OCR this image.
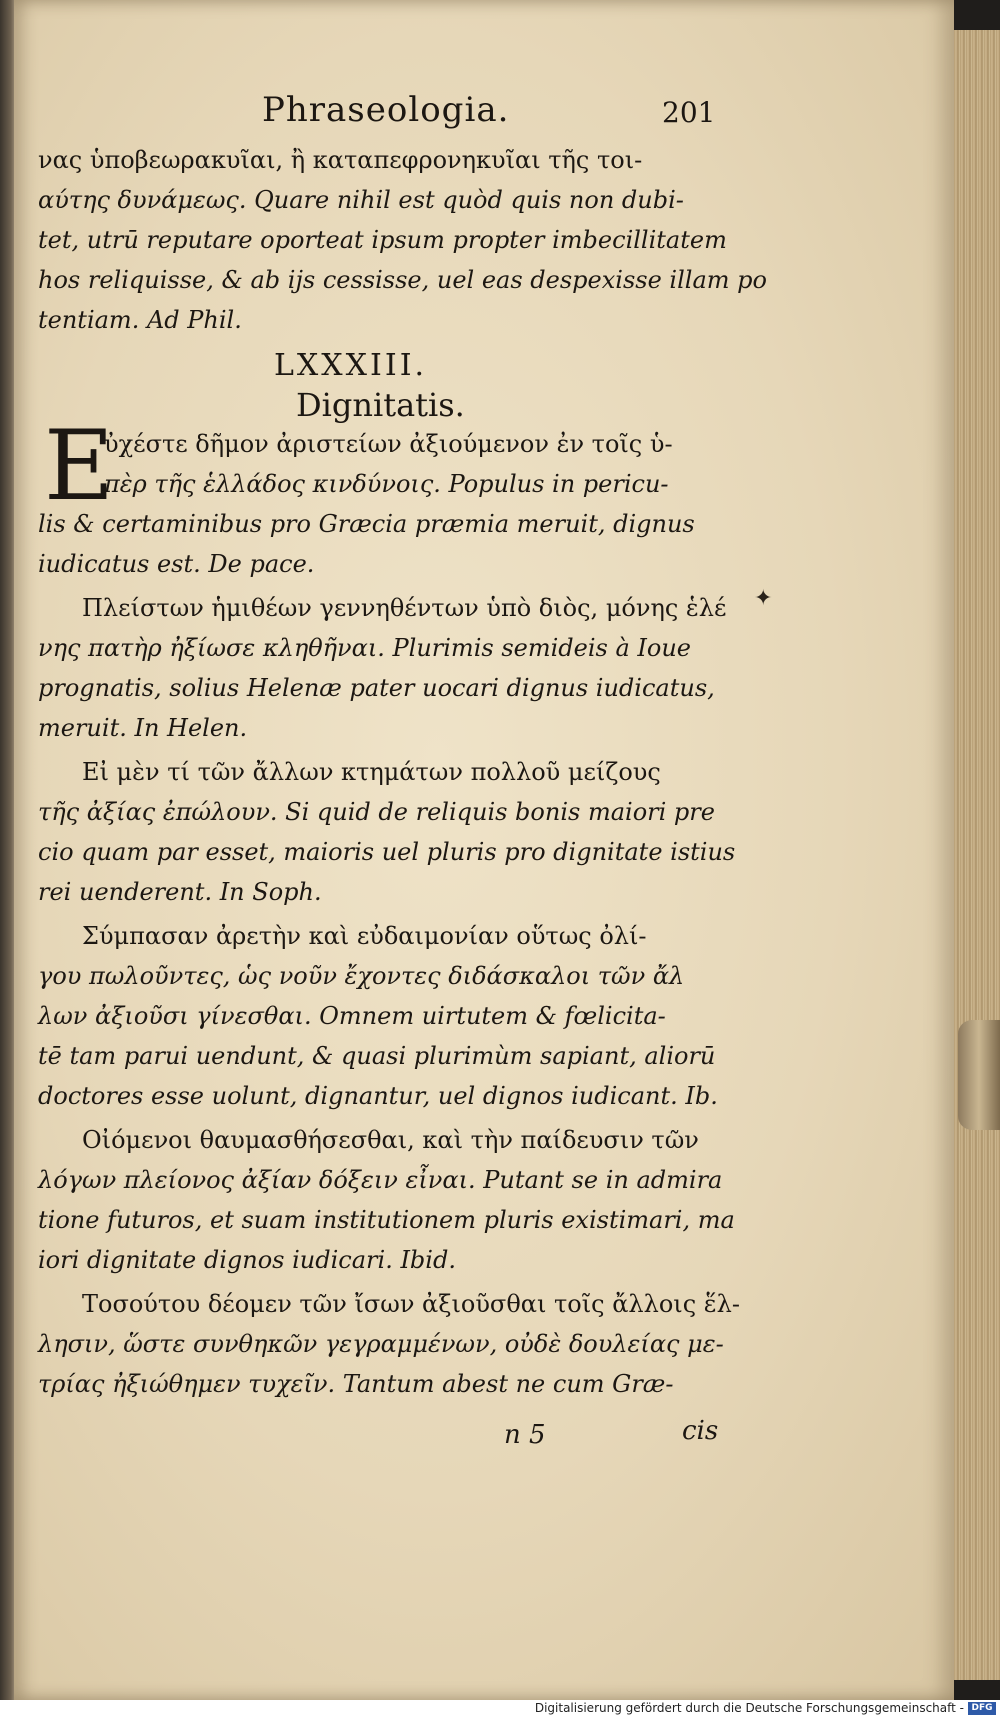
Phraseologia.	201
νας ὑποβεωρακυῖαι, ἢ καταπεφρονηκυῖαι τῆς τοι-
αύτης δυνάμεως. Quare nihil est quòd quis non dubi-
tet, utrū reputare oporteat ipsum propter imbecillitatem
hos reliquisse, & ab ijs cessisse, uel eas despexisse illam po
tentiam. Ad Phil.
LXXXIII.
Dignitatis.
E
ὐχέστε δῆμον ἀριστείων ἀξιούμενον ἐν τοῖς ὑ-
πὲρ τῆς ἑλλάδος κινδύνοις. Populus in pericu-
lis & certaminibus pro Græcia præmia meruit, dignus
iudicatus est. De pace.
Πλείστων ἡμιθέων γεννηθέντων ὑπὸ διὸς, μόνης ἑλέ
νης πατὴρ ἠξίωσε κληθῆναι. Plurimis semideis à Ioue
prognatis, solius Helenæ pater uocari dignus iudicatus,
meruit. In Helen.
Εἰ μὲν τί τῶν ἄλλων κτημάτων πολλοῦ μείζους
τῆς ἀξίας ἐπώλουν. Si quid de reliquis bonis maiori pre
cio quam par esset, maioris uel pluris pro dignitate istius
rei uenderent. In Soph.
Σύμπασαν ἀρετὴν καὶ εὐδαιμονίαν οὕτως ὀλί-
γου πωλοῦντες, ὡς νοῦν ἔχοντες διδάσκαλοι τῶν ἄλ
λων ἀξιοῦσι γίνεσθαι. Omnem uirtutem & fœlicita-
tē tam parui uendunt, & quasi plurimùm sapiant, aliorū
doctores esse uolunt, dignantur, uel dignos iudicant. Ib.
Οἰόμενοι θαυμασθήσεσθαι, καὶ τὴν παίδευσιν τῶν
λόγων πλείονος ἀξίαν δόξειν εἶναι. Putant se in admira
tione futuros, et suam institutionem pluris existimari, ma
iori dignitate dignos iudicari. Ibid.
Τοσούτου δέομεν τῶν ἴσων ἀξιοῦσθαι τοῖς ἄλλοις ἕλ-
λησιν, ὥστε συνθηκῶν γεγραμμένων, οὐδὲ δουλείας με-
τρίας ἠξιώθημεν τυχεῖν. Tantum abest ne cum Græ-
n 5	cis
✦
Digitalisierung gefördert durch die Deutsche Forschungsgemeinschaft - DFG
